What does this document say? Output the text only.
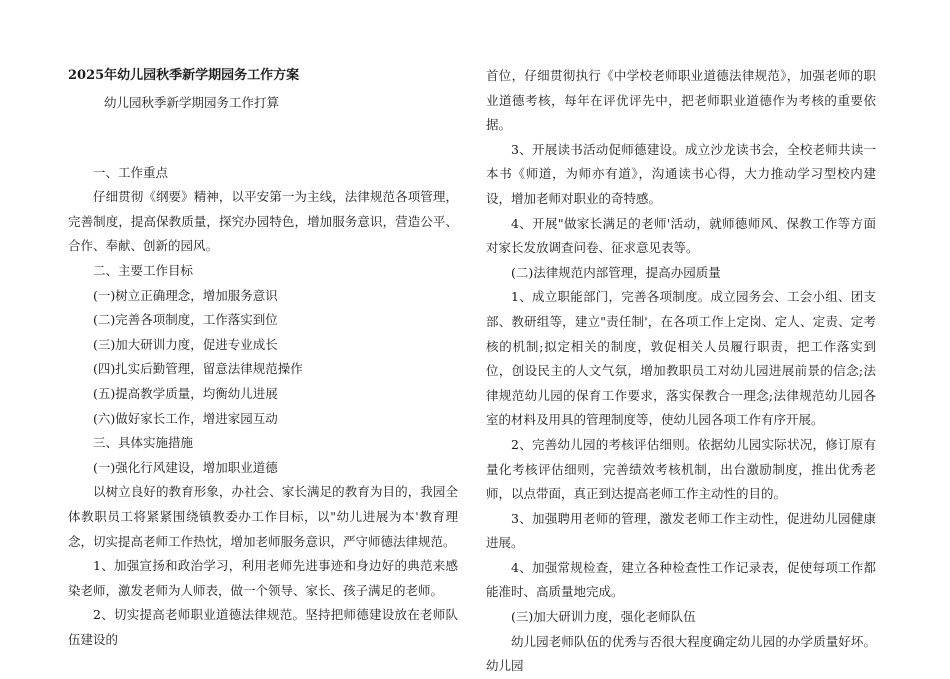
2025年幼儿园秋季新学期园务工作方案
幼儿园秋季新学期园务工作打算

一、工作重点

仔细贯彻《纲要》精神，以平安第一为主线，法律规范各项管理，完善制度，提高保教质量，探究办园特色，增加服务意识，营造公平、合作、奉献、创新的园风。

二、主要工作目标

(一)树立正确理念，增加服务意识

(二)完善各项制度，工作落实到位

(三)加大研训力度，促进专业成长

(四)扎实后勤管理，留意法律规范操作

(五)提高教学质量，均衡幼儿进展

(六)做好家长工作，增进家园互动

三、具体实施措施

(一)强化行风建设，增加职业道德

以树立良好的教育形象，办社会、家长满足的教育为目的，我园全体教职员工将紧紧围绕镇教委办工作目标，以"幼儿进展为本'教育理念，切实提高老师工作热忱，增加老师服务意识，严守师德法律规范。

1、加强宣扬和政治学习，利用老师先进事迹和身边好的典范来感染老师，激发老师为人师表，做一个领导、家长、孩子满足的老师。

2、切实提高老师职业道德法律规范。坚持把师德建设放在老师队伍建设的

首位，仔细贯彻执行《中学校老师职业道德法律规范》，加强老师的职业道德考核，每年在评优评先中，把老师职业道德作为考核的重要依据。

3、开展读书活动促师德建设。成立沙龙读书会，全校老师共读一本书《师道，为师亦有道》，沟通读书心得，大力推动学习型校内建设，增加老师对职业的奇特感。

4、开展"做家长满足的老师'活动，就师德师风、保教工作等方面对家长发放调查问卷、征求意见表等。

(二)法律规范内部管理，提高办园质量

1、成立职能部门，完善各项制度。成立园务会、工会小组、团支部、教研组等，建立"责任制'，在各项工作上定岗、定人、定责、定考核的机制;拟定相关的制度，敦促相关人员履行职责，把工作落实到位，创设民主的人文气氛，增加教职员工对幼儿园进展前景的信念;法律规范幼儿园的保育工作要求，落实保教合一理念;法律规范幼儿园各室的材料及用具的管理制度等，使幼儿园各项工作有序开展。

2、完善幼儿园的考核评估细则。依据幼儿园实际状况，修订原有量化考核评估细则，完善绩效考核机制，出台激励制度，推出优秀老师，以点带面，真正到达提高老师工作主动性的目的。

3、加强聘用老师的管理，激发老师工作主动性，促进幼儿园健康进展。

4、加强常规检查，建立各种检查性工作记录表，促使每项工作都能准时、高质量地完成。

(三)加大研训力度，强化老师队伍

幼儿园老师队伍的优秀与否很大程度确定幼儿园的办学质量好坏。幼儿园
